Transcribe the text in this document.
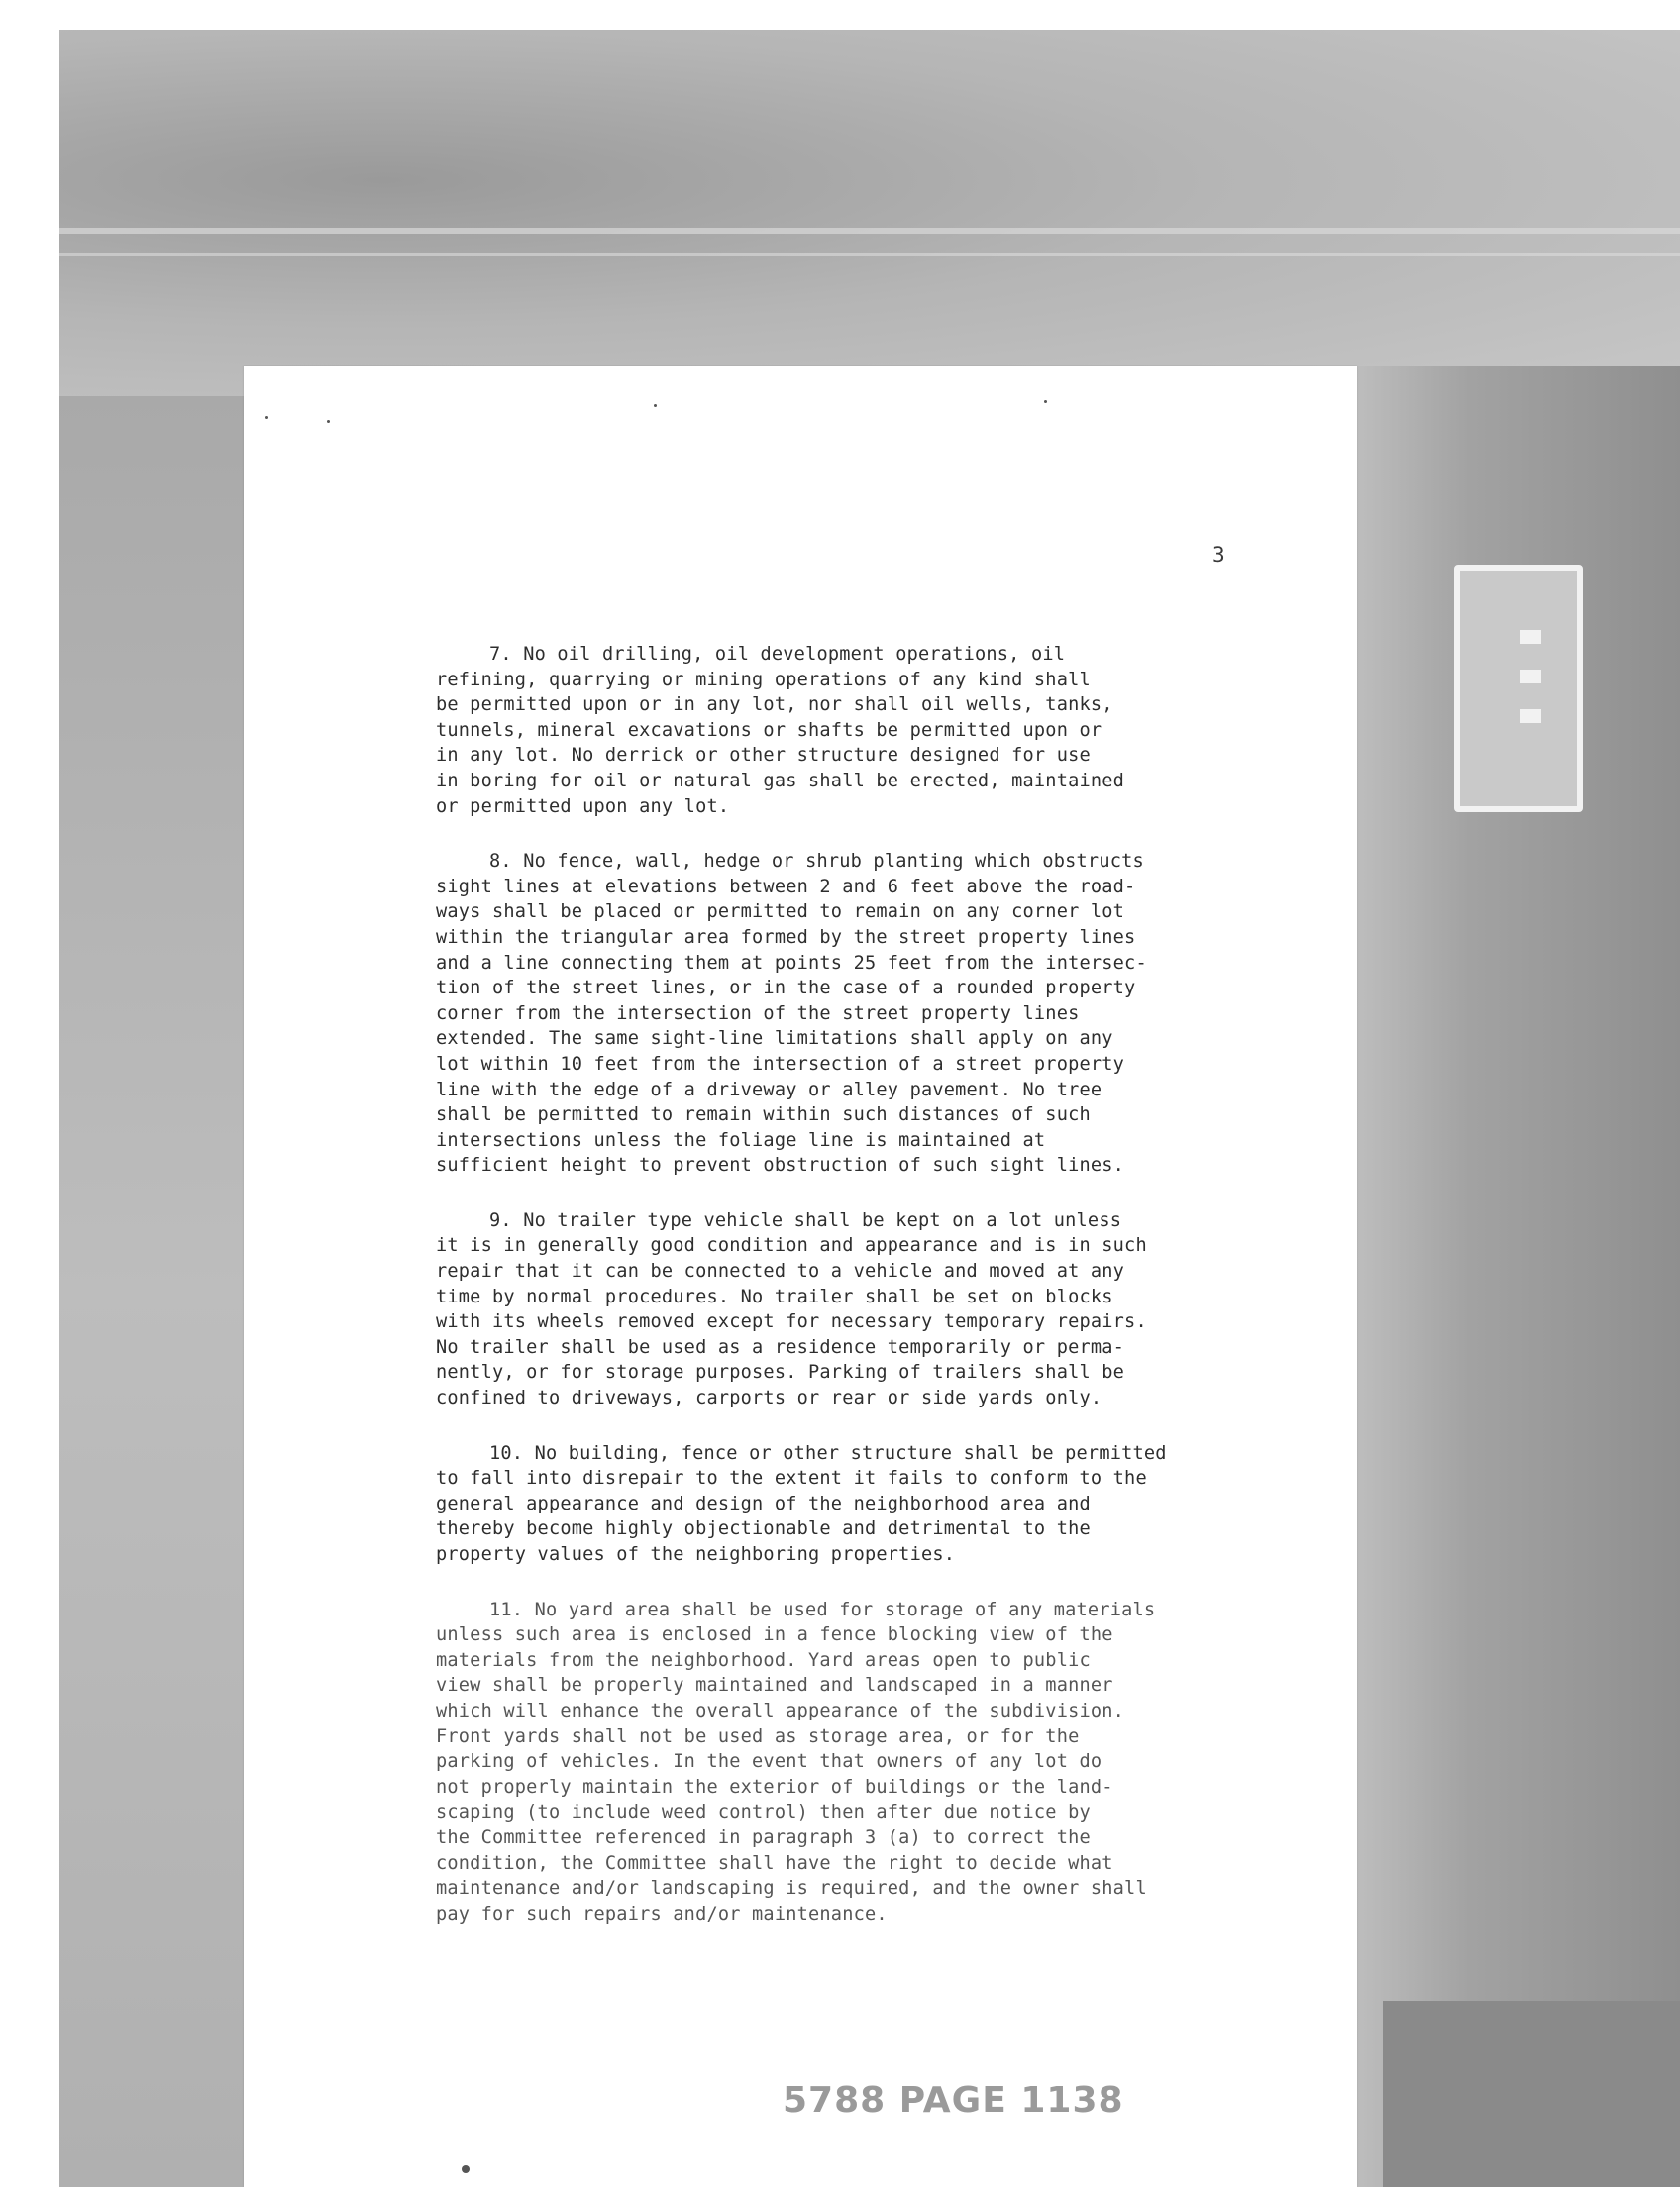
3

7. No oil drilling, oil development operations, oil
refining, quarrying or mining operations of any kind shall
be permitted upon or in any lot, nor shall oil wells, tanks,
tunnels, mineral excavations or shafts be permitted upon or
in any lot. No derrick or other structure designed for use
in boring for oil or natural gas shall be erected, maintained
or permitted upon any lot.

8. No fence, wall, hedge or shrub planting which obstructs
sight lines at elevations between 2 and 6 feet above the road-
ways shall be placed or permitted to remain on any corner lot
within the triangular area formed by the street property lines
and a line connecting them at points 25 feet from the intersec-
tion of the street lines, or in the case of a rounded property
corner from the intersection of the street property lines
extended. The same sight-line limitations shall apply on any
lot within 10 feet from the intersection of a street property
line with the edge of a driveway or alley pavement. No tree
shall be permitted to remain within such distances of such
intersections unless the foliage line is maintained at
sufficient height to prevent obstruction of such sight lines.

9. No trailer type vehicle shall be kept on a lot unless
it is in generally good condition and appearance and is in such
repair that it can be connected to a vehicle and moved at any
time by normal procedures. No trailer shall be set on blocks
with its wheels removed except for necessary temporary repairs.
No trailer shall be used as a residence temporarily or perma-
nently, or for storage purposes. Parking of trailers shall be
confined to driveways, carports or rear or side yards only.

10. No building, fence or other structure shall be permitted
to fall into disrepair to the extent it fails to conform to the
general appearance and design of the neighborhood area and
thereby become highly objectionable and detrimental to the
property values of the neighboring properties.

11. No yard area shall be used for storage of any materials
unless such area is enclosed in a fence blocking view of the
materials from the neighborhood. Yard areas open to public
view shall be properly maintained and landscaped in a manner
which will enhance the overall appearance of the subdivision.
Front yards shall not be used as storage area, or for the
parking of vehicles. In the event that owners of any lot do
not properly maintain the exterior of buildings or the land-
scaping (to include weed control) then after due notice by
the Committee referenced in paragraph 3 (a) to correct the
condition, the Committee shall have the right to decide what
maintenance and/or landscaping is required, and the owner shall
pay for such repairs and/or maintenance.

5788 PAGE 1138
